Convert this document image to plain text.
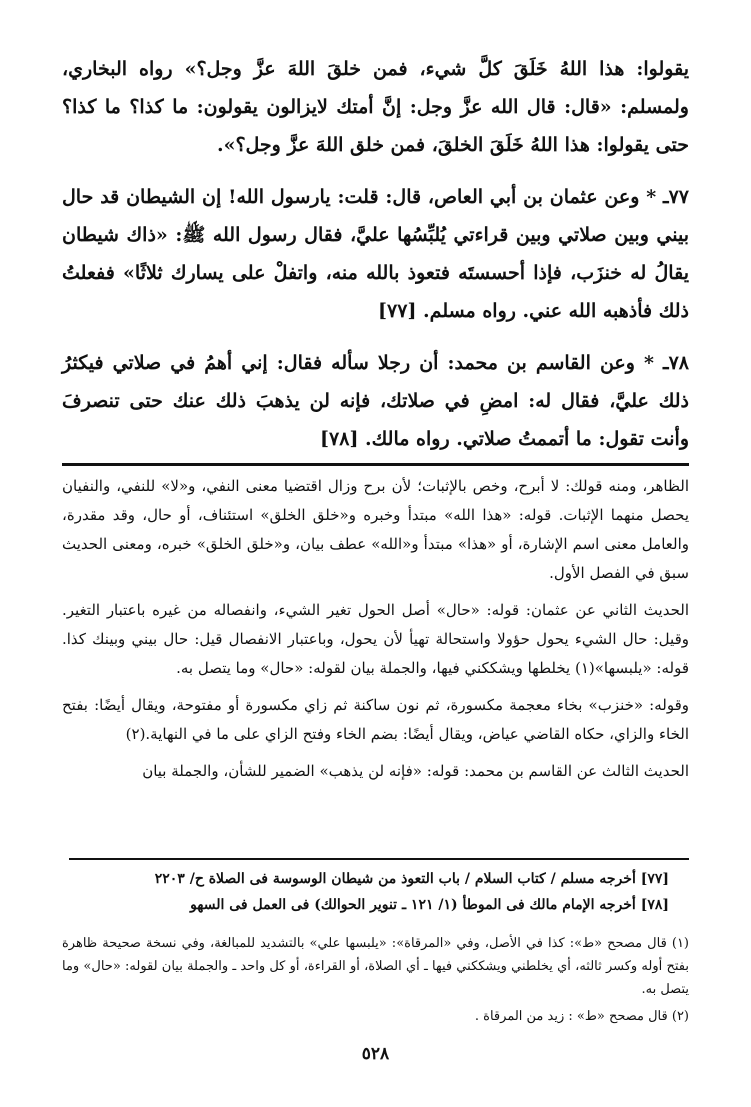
يقولوا: هذا اللهُ خَلَقَ كلَّ شيء، فمن خلقَ اللهَ عزَّ وجل؟» رواه البخاري، ولمسلم: «قال: قال الله عزَّ وجل: إنَّ أمتك لايزالون يقولون: ما كذا؟ ما كذا؟ حتى يقولوا: هذا اللهُ خَلَقَ الخلقَ، فمن خلق اللهَ عزَّ وجل؟».

٧٧ـ * وعن عثمان بن أبي العاص، قال: قلت: يارسول الله! إن الشيطان قد حال بيني وبين صلاتي وبين قراءتي يُلبِّسُها عليَّ، فقال رسول الله ﷺ: «ذاك شيطان يقالُ له خنزَب، فإذا أحسستَه فتعوذ بالله منه، واتفلْ على يسارك ثلاثًا» ففعلتُ ذلك فأذهبه الله عني. رواه مسلم. [٧٧]

٧٨ـ * وعن القاسم بن محمد: أن رجلا سأله فقال: إني أهمُ في صلاتي فيكثرُ ذلك عليَّ، فقال له: امضِ في صلاتك، فإنه لن يذهبَ ذلك عنك حتى تنصرفَ وأنت تقول: ما أتممتُ صلاتي. رواه مالك. [٧٨]

الظاهر، ومنه قولك: لا أبرح، وخص بالإثبات؛ لأن برح وزال اقتضيا معنى النفي، و«لا» للنفي، والنفيان يحصل منهما الإثبات. قوله: «هذا الله» مبتدأ وخبره و«خلق الخلق» استئناف، أو حال، وقد مقدرة، والعامل معنى اسم الإشارة، أو «هذا» مبتدأ و«الله» عطف بيان، و«خلق الخلق» خبره، ومعنى الحديث سبق في الفصل الأول.

الحديث الثاني عن عثمان: قوله: «حال» أصل الحول تغير الشيء، وانفصاله من غيره باعتبار التغير. وقيل: حال الشيء يحول حؤولا واستحالة تهيأ لأن يحول، وباعتبار الانفصال قيل: حال بيني وبينك كذا. قوله: «يلبسها»(١) يخلطها ويشككني فيها، والجملة بيان لقوله: «حال» وما يتصل به.

وقوله: «خنزب» بخاء معجمة مكسورة، ثم نون ساكنة ثم زاي مكسورة أو مفتوحة، ويقال أيضًا: بفتح الخاء والزاي، حكاه القاضي عياض، ويقال أيضًا: بضم الخاء وفتح الزاي على ما في النهاية.(٢)

الحديث الثالث عن القاسم بن محمد: قوله: «فإنه لن يذهب» الضمير للشأن، والجملة بيان

[٧٧] أخرجه مسلم / كتاب السلام / باب التعوذ من شيطان الوسوسة فى الصلاة ح/ ٢٢٠٣

[٧٨] أخرجه الإمام مالك فى الموطأ (١/ ١٢١ ـ تنوير الحوالك) فى العمل فى السهو

(١) قال مصحح «ط»: كذا في الأصل، وفي «المرقاة»: «يلبسها علي» بالتشديد للمبالغة، وفي نسخة صحيحة ظاهرة بفتح أوله وكسر ثالثه، أي يخلطني ويشككني فيها ـ أي الصلاة، أو القراءة، أو كل واحد ـ والجملة بيان لقوله: «حال» وما يتصل به.

(٢) قال مصحح «ط» : زيد من المرقاة .

٥٢٨
